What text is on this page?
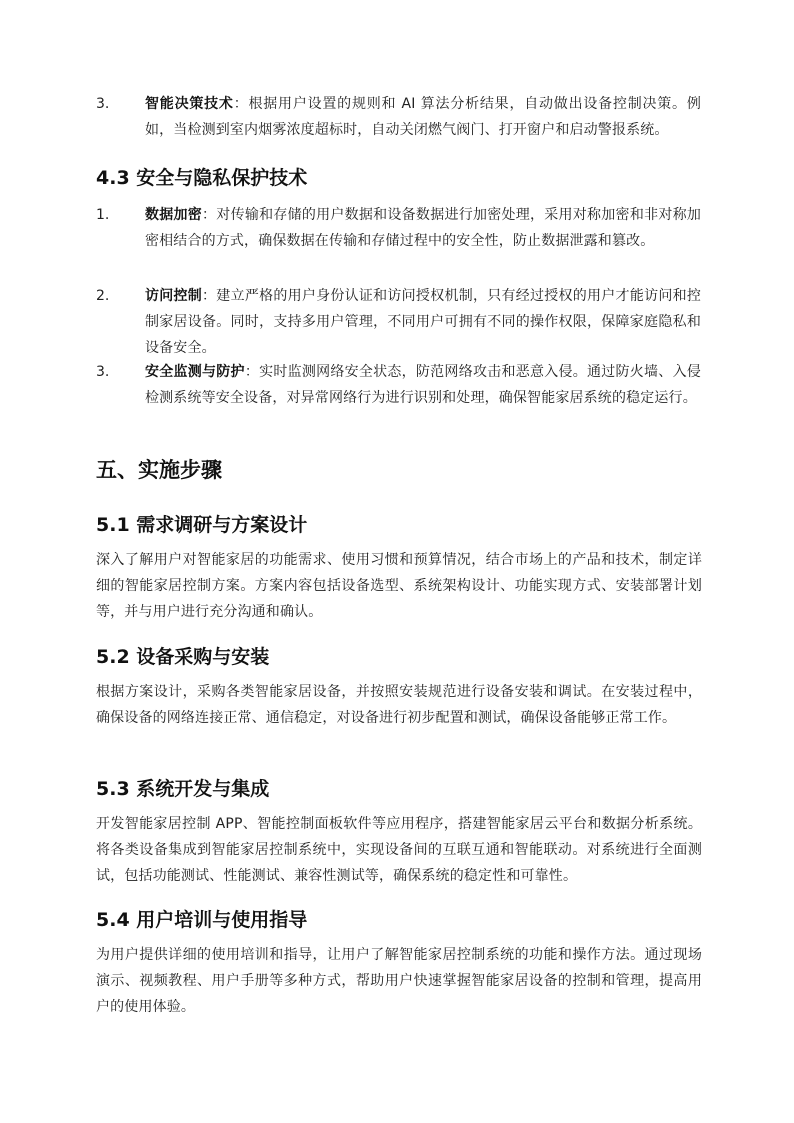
3.	智能决策技术：根据用户设置的规则和 AI 算法分析结果，自动做出设备控制决策。例如，当检测到室内烟雾浓度超标时，自动关闭燃气阀门、打开窗户和启动警报系统。
4.3 安全与隐私保护技术
1.	数据加密：对传输和存储的用户数据和设备数据进行加密处理，采用对称加密和非对称加密相结合的方式，确保数据在传输和存储过程中的安全性，防止数据泄露和篡改。
2.	访问控制：建立严格的用户身份认证和访问授权机制，只有经过授权的用户才能访问和控制家居设备。同时，支持多用户管理，不同用户可拥有不同的操作权限，保障家庭隐私和设备安全。
3.	安全监测与防护：实时监测网络安全状态，防范网络攻击和恶意入侵。通过防火墙、入侵检测系统等安全设备，对异常网络行为进行识别和处理，确保智能家居系统的稳定运行。
五、实施步骤
5.1 需求调研与方案设计
深入了解用户对智能家居的功能需求、使用习惯和预算情况，结合市场上的产品和技术，制定详细的智能家居控制方案。方案内容包括设备选型、系统架构设计、功能实现方式、安装部署计划等，并与用户进行充分沟通和确认。
5.2 设备采购与安装
根据方案设计，采购各类智能家居设备，并按照安装规范进行设备安装和调试。在安装过程中，确保设备的网络连接正常、通信稳定，对设备进行初步配置和测试，确保设备能够正常工作。
5.3 系统开发与集成
开发智能家居控制 APP、智能控制面板软件等应用程序，搭建智能家居云平台和数据分析系统。将各类设备集成到智能家居控制系统中，实现设备间的互联互通和智能联动。对系统进行全面测试，包括功能测试、性能测试、兼容性测试等，确保系统的稳定性和可靠性。
5.4 用户培训与使用指导
为用户提供详细的使用培训和指导，让用户了解智能家居控制系统的功能和操作方法。通过现场演示、视频教程、用户手册等多种方式，帮助用户快速掌握智能家居设备的控制和管理，提高用户的使用体验。
